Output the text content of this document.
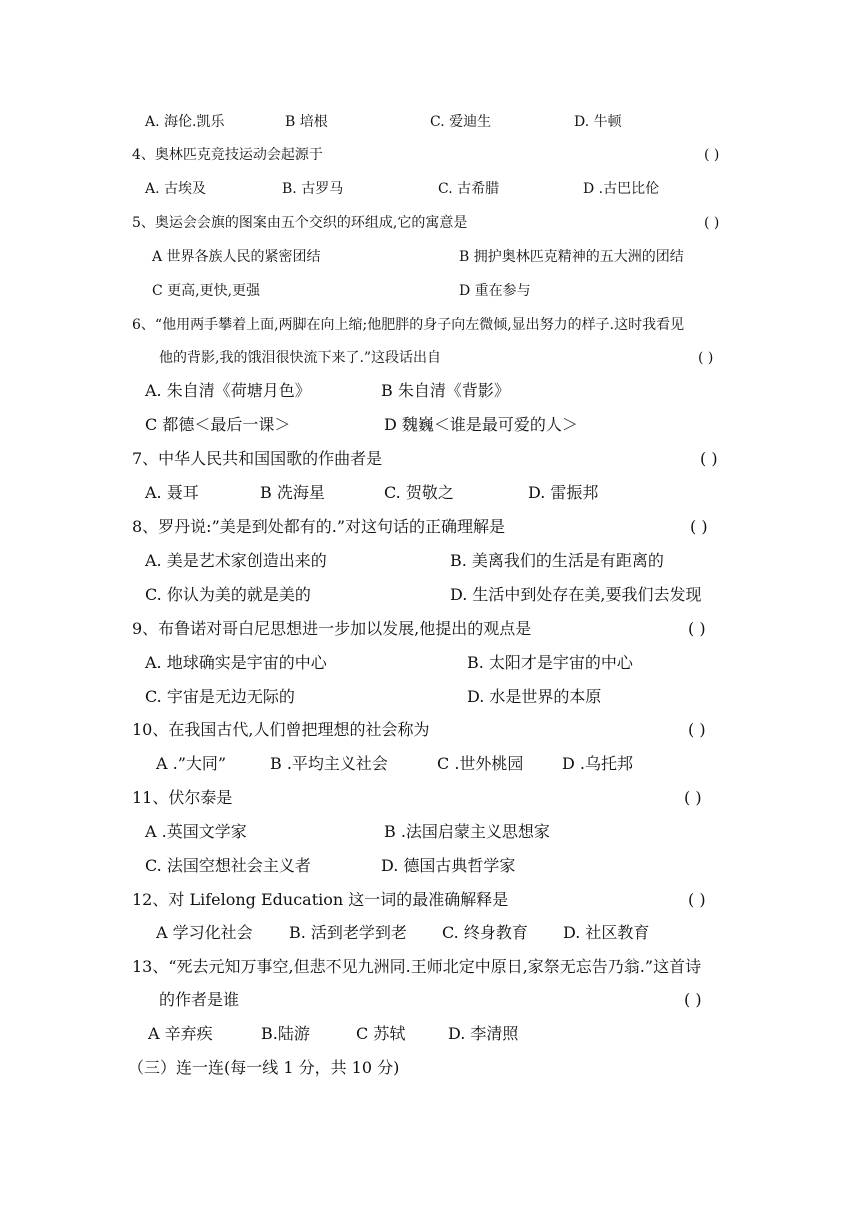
A. 海伦.凯乐	B 培根	C. 爱迪生	D. 牛顿
4、奥林匹克竞技运动会起源于	( )
A. 古埃及	B. 古罗马	C. 古希腊	D .古巴比伦
5、奥运会会旗的图案由五个交织的环组成,它的寓意是	( )
A 世界各族人民的紧密团结	B 拥护奥林匹克精神的五大洲的团结
C 更高,更快,更强	D 重在参与
6、“他用两手攀着上面,两脚在向上缩;他肥胖的身子向左微倾,显出努力的样子.这时我看见
他的背影,我的饿泪很快流下来了.”这段话出自	( )
A. 朱自清《荷塘月色》	B 朱自清《背影》
C 都德＜最后一课＞	D 魏巍＜谁是最可爱的人＞
7、中华人民共和国国歌的作曲者是	( )
A. 聂耳	B 冼海星	C. 贺敬之	D. 雷振邦
8、罗丹说:”美是到处都有的.”对这句话的正确理解是	( )
A. 美是艺术家创造出来的	B. 美离我们的生活是有距离的
C. 你认为美的就是美的	D. 生活中到处存在美,要我们去发现
9、布鲁诺对哥白尼思想进一步加以发展,他提出的观点是	( )
A. 地球确实是宇宙的中心	B. 太阳才是宇宙的中心
C. 宇宙是无边无际的	D. 水是世界的本原
10、在我国古代,人们曾把理想的社会称为	( )
A .”大同”	B .平均主义社会	C .世外桃园 D .乌托邦
11、伏尔泰是	( )
A .英国文学家	B .法国启蒙主义思想家
C. 法国空想社会主义者	D. 德国古典哲学家
12、对 Lifelong Education 这一词的最准确解释是	( )
A 学习化社会 B. 活到老学到老 C. 终身教育 D. 社区教育
13、“死去元知万事空,但悲不见九洲同.王师北定中原日,家祭无忘告乃翁.”这首诗
的作者是谁	( )
A 辛弃疾	B.陆游	C 苏轼	D. 李清照
（三）连一连(每一线 1 分，共 10 分)
